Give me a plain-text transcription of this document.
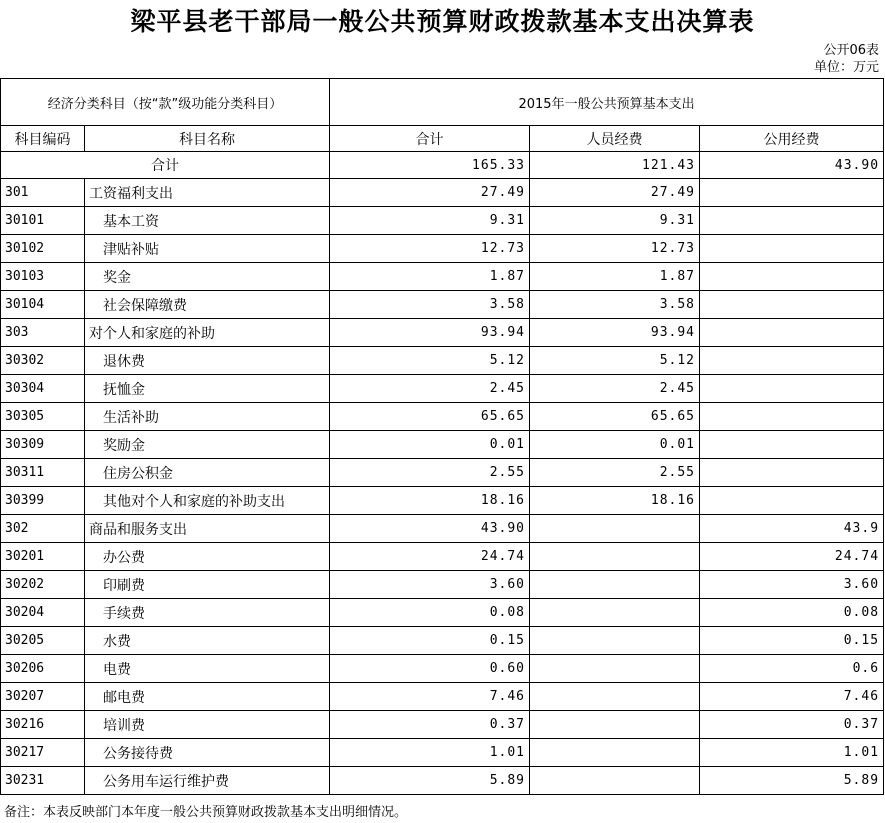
梁平县老干部局一般公共预算财政拨款基本支出决算表
公开06表
单位：万元
经济分类科目（按“款”级功能分类科目）		2015年一般公共预算基本支出		
科目编码	科目名称	合计	人员经费	公用经费
合计		165.33	121.43	43.90
301	工资福利支出	27.49	27.49	
30101	基本工资	9.31	9.31	
30102	津贴补贴	12.73	12.73	
30103	奖金	1.87	1.87	
30104	社会保障缴费	3.58	3.58	
303	对个人和家庭的补助	93.94	93.94	
30302	退休费	5.12	5.12	
30304	抚恤金	2.45	2.45	
30305	生活补助	65.65	65.65	
30309	奖励金	0.01	0.01	
30311	住房公积金	2.55	2.55	
30399	其他对个人和家庭的补助支出	18.16	18.16	
302	商品和服务支出	43.90		43.9
30201	办公费	24.74		24.74
30202	印刷费	3.60		3.60
30204	手续费	0.08		0.08
30205	水费	0.15		0.15
30206	电费	0.60		0.6
30207	邮电费	7.46		7.46
30216	培训费	0.37		0.37
30217	公务接待费	1.01		1.01
30231	公务用车运行维护费	5.89		5.89
备注：本表反映部门本年度一般公共预算财政拨款基本支出明细情况。
